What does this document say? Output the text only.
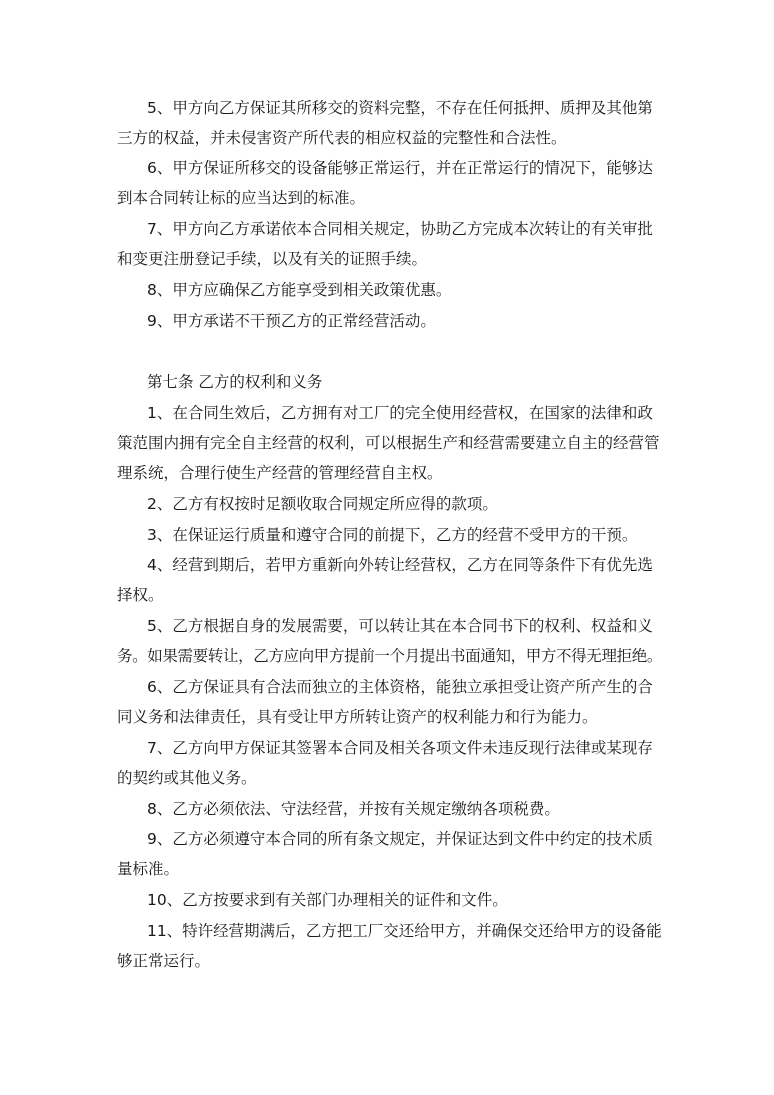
5、甲方向乙方保证其所移交的资料完整，不存在任何抵押、质押及其他第
三方的权益，并未侵害资产所代表的相应权益的完整性和合法性。
6、甲方保证所移交的设备能够正常运行，并在正常运行的情况下，能够达
到本合同转让标的应当达到的标准。
7、甲方向乙方承诺依本合同相关规定，协助乙方完成本次转让的有关审批
和变更注册登记手续，以及有关的证照手续。
8、甲方应确保乙方能享受到相关政策优惠。
9、甲方承诺不干预乙方的正常经营活动。
第七条 乙方的权利和义务
1、在合同生效后，乙方拥有对工厂的完全使用经营权，在国家的法律和政
策范围内拥有完全自主经营的权利，可以根据生产和经营需要建立自主的经营管
理系统，合理行使生产经营的管理经营自主权。
2、乙方有权按时足额收取合同规定所应得的款项。
3、在保证运行质量和遵守合同的前提下，乙方的经营不受甲方的干预。
4、经营到期后，若甲方重新向外转让经营权，乙方在同等条件下有优先选
择权。
5、乙方根据自身的发展需要，可以转让其在本合同书下的权利、权益和义
务。如果需要转让，乙方应向甲方提前一个月提出书面通知，甲方不得无理拒绝。
6、乙方保证具有合法而独立的主体资格，能独立承担受让资产所产生的合
同义务和法律责任，具有受让甲方所转让资产的权利能力和行为能力。
7、乙方向甲方保证其签署本合同及相关各项文件未违反现行法律或某现存
的契约或其他义务。
8、乙方必须依法、守法经营，并按有关规定缴纳各项税费。
9、乙方必须遵守本合同的所有条文规定，并保证达到文件中约定的技术质
量标准。
10、乙方按要求到有关部门办理相关的证件和文件。
11、特许经营期满后，乙方把工厂交还给甲方，并确保交还给甲方的设备能
够正常运行。
